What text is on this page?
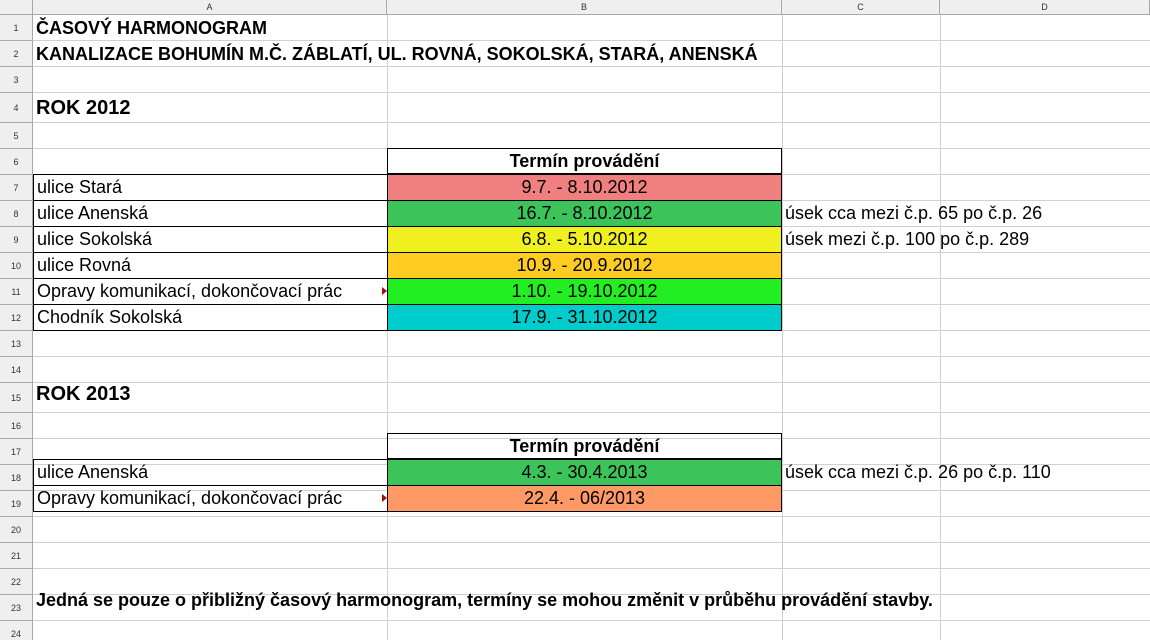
A	B	C	D
1
2
3
4
5
6
7
8
9
10
11
12
13
14
15
16
17
18
19
20
21
22
23
24
ČASOVÝ HARMONOGRAM
KANALIZACE BOHUMÍN M.Č. ZÁBLATÍ, UL. ROVNÁ, SOKOLSKÁ, STARÁ, ANENSKÁ
ROK 2012
Termín provádění
ulice Stará	9.7. - 8.10.2012
ulice Anenská	16.7. - 8.10.2012	úsek cca mezi č.p. 65 po č.p. 26
ulice Sokolská	6.8. - 5.10.2012	úsek mezi č.p. 100 po č.p. 289
ulice Rovná	10.9. - 20.9.2012
Opravy komunikací, dokončovací prác	1.10. - 19.10.2012
Chodník Sokolská	17.9. - 31.10.2012
ROK 2013
Termín provádění
ulice Anenská	4.3. - 30.4.2013	úsek cca mezi č.p. 26 po č.p. 110
Opravy komunikací, dokončovací prác	22.4. - 06/2013
Jedná se pouze o přibližný časový harmonogram, termíny se mohou změnit v průběhu provádění stavby.
